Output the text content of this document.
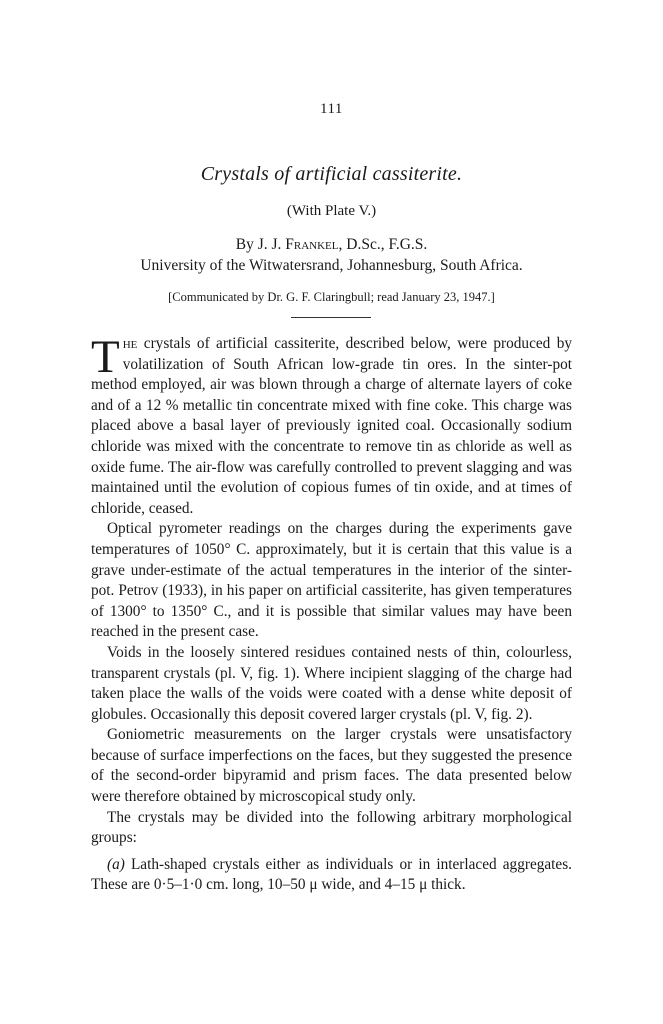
111
Crystals of artificial cassiterite.
(With Plate V.)
By J. J. Frankel, D.Sc., F.G.S.
University of the Witwatersrand, Johannesburg, South Africa.
[Communicated by Dr. G. F. Claringbull; read January 23, 1947.]

The crystals of artificial cassiterite, described below, were produced by volatilization of South African low-grade tin ores. In the sinter-pot method employed, air was blown through a charge of alternate layers of coke and of a 12 % metallic tin concentrate mixed with fine coke. This charge was placed above a basal layer of previously ignited coal. Occasionally sodium chloride was mixed with the concentrate to remove tin as chloride as well as oxide fume. The air-flow was carefully controlled to prevent slagging and was maintained until the evolution of copious fumes of tin oxide, and at times of chloride, ceased.

Optical pyrometer readings on the charges during the experiments gave temperatures of 1050° C. approximately, but it is certain that this value is a grave under-estimate of the actual temperatures in the interior of the sinter-pot. Petrov (1933), in his paper on artificial cassiterite, has given temperatures of 1300° to 1350° C., and it is possible that similar values may have been reached in the present case.

Voids in the loosely sintered residues contained nests of thin, colourless, transparent crystals (pl. V, fig. 1). Where incipient slagging of the charge had taken place the walls of the voids were coated with a dense white deposit of globules. Occasionally this deposit covered larger crystals (pl. V, fig. 2).

Goniometric measurements on the larger crystals were unsatisfactory because of surface imperfections on the faces, but they suggested the presence of the second-order bipyramid and prism faces. The data presented below were therefore obtained by microscopical study only.

The crystals may be divided into the following arbitrary morphological groups:

(a) Lath-shaped crystals either as individuals or in interlaced aggregates. These are 0·5–1·0 cm. long, 10–50 μ wide, and 4–15 μ thick.
